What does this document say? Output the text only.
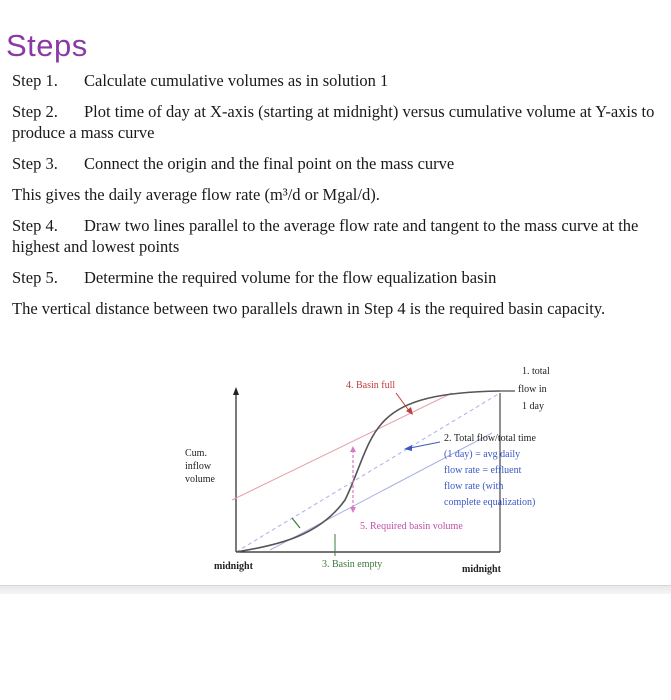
Steps
Step 1. Calculate cumulative volumes as in solution 1
Step 2. Plot time of day at X-axis (starting at midnight) versus cumulative volume at Y-axis to produce a mass curve
Step 3. Connect the origin and the final point on the mass curve
This gives the daily average flow rate (m³/d or Mgal/d).
Step 4. Draw two lines parallel to the average flow rate and tangent to the mass curve at the highest and lowest points
Step 5. Determine the required volume for the flow equalization basin
The vertical distance between two parallels drawn in Step 4 is the required basin capacity.
Cum.
inflow
volume
midnight	midnight
4. Basin full
3. Basin empty
1. total
flow in
1 day
2. Total flow/total time
(1 day) = avg daily
flow rate = effluent
flow rate (with
complete equalization)
5. Required basin volume
